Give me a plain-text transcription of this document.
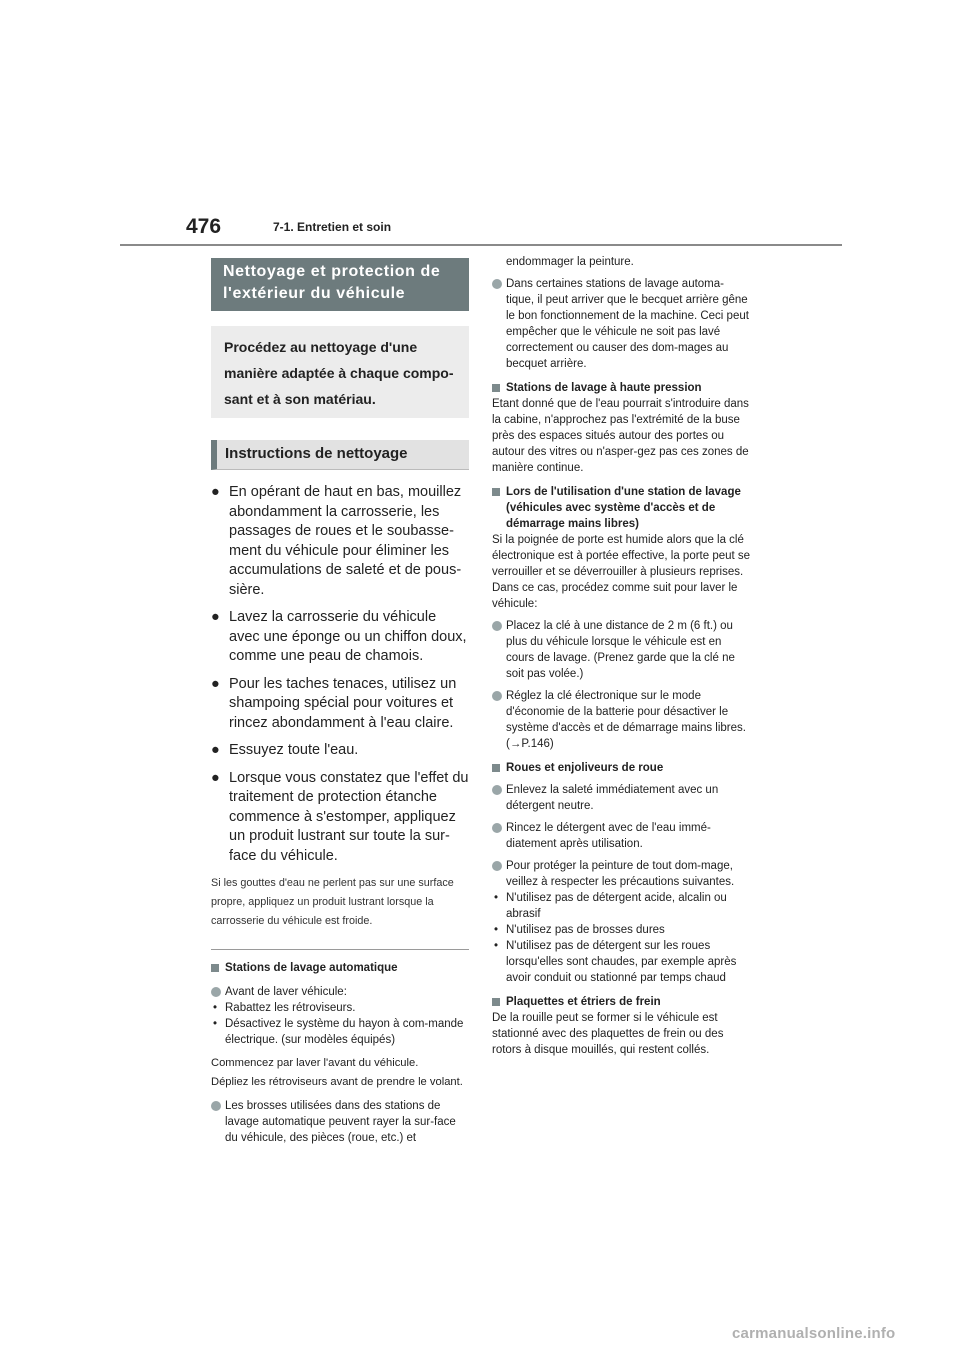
476	7-1. Entretien et soin
Nettoyage et protection de l'extérieur du véhicule
Procédez au nettoyage d'une manière adaptée à chaque compo-sant et à son matériau.
Instructions de nettoyage
● En opérant de haut en bas, mouillez abondamment la carrosserie, les passages de roues et le soubasse-ment du véhicule pour éliminer les accumulations de saleté et de pous-sière.
● Lavez la carrosserie du véhicule avec une éponge ou un chiffon doux, comme une peau de chamois.
● Pour les taches tenaces, utilisez un shampoing spécial pour voitures et rincez abondamment à l'eau claire.
● Essuyez toute l'eau.
● Lorsque vous constatez que l'effet du traitement de protection étanche commence à s'estomper, appliquez un produit lustrant sur toute la sur-face du véhicule.
Si les gouttes d'eau ne perlent pas sur une surface propre, appliquez un produit lustrant lorsque la carrosserie du véhicule est froide.
Stations de lavage automatique
Avant de laver véhicule:
• Rabattez les rétroviseurs.
• Désactivez le système du hayon à com-mande électrique. (sur modèles équipés)
Commencez par laver l'avant du véhicule.
Dépliez les rétroviseurs avant de prendre le volant.
Les brosses utilisées dans des stations de lavage automatique peuvent rayer la sur-face du véhicule, des pièces (roue, etc.) et
endommager la peinture.
Dans certaines stations de lavage automa-tique, il peut arriver que le becquet arrière gêne le bon fonctionnement de la machine. Ceci peut empêcher que le véhicule ne soit pas lavé correctement ou causer des dom-mages au becquet arrière.
Stations de lavage à haute pression
Etant donné que de l'eau pourrait s'introduire dans la cabine, n'approchez pas l'extrémité de la buse près des espaces situés autour des portes ou autour des vitres ou n'asper-gez pas ces zones de manière continue.
Lors de l'utilisation d'une station de lavage (véhicules avec système d'accès et de démarrage mains libres)
Si la poignée de porte est humide alors que la clé électronique est à portée effective, la porte peut se verrouiller et se déverrouiller à plusieurs reprises. Dans ce cas, procédez comme suit pour laver le véhicule:
Placez la clé à une distance de 2 m (6 ft.) ou plus du véhicule lorsque le véhicule est en cours de lavage. (Prenez garde que la clé ne soit pas volée.)
Réglez la clé électronique sur le mode d'économie de la batterie pour désactiver le système d'accès et de démarrage mains libres. (→P.146)
Roues et enjoliveurs de roue
Enlevez la saleté immédiatement avec un détergent neutre.
Rincez le détergent avec de l'eau immé-diatement après utilisation.
Pour protéger la peinture de tout dom-mage, veillez à respecter les précautions suivantes.
• N'utilisez pas de détergent acide, alcalin ou abrasif
• N'utilisez pas de brosses dures
• N'utilisez pas de détergent sur les roues lorsqu'elles sont chaudes, par exemple après avoir conduit ou stationné par temps chaud
Plaquettes et étriers de frein
De la rouille peut se former si le véhicule est stationné avec des plaquettes de frein ou des rotors à disque mouillés, qui restent collés.
carmanualsonline.info
